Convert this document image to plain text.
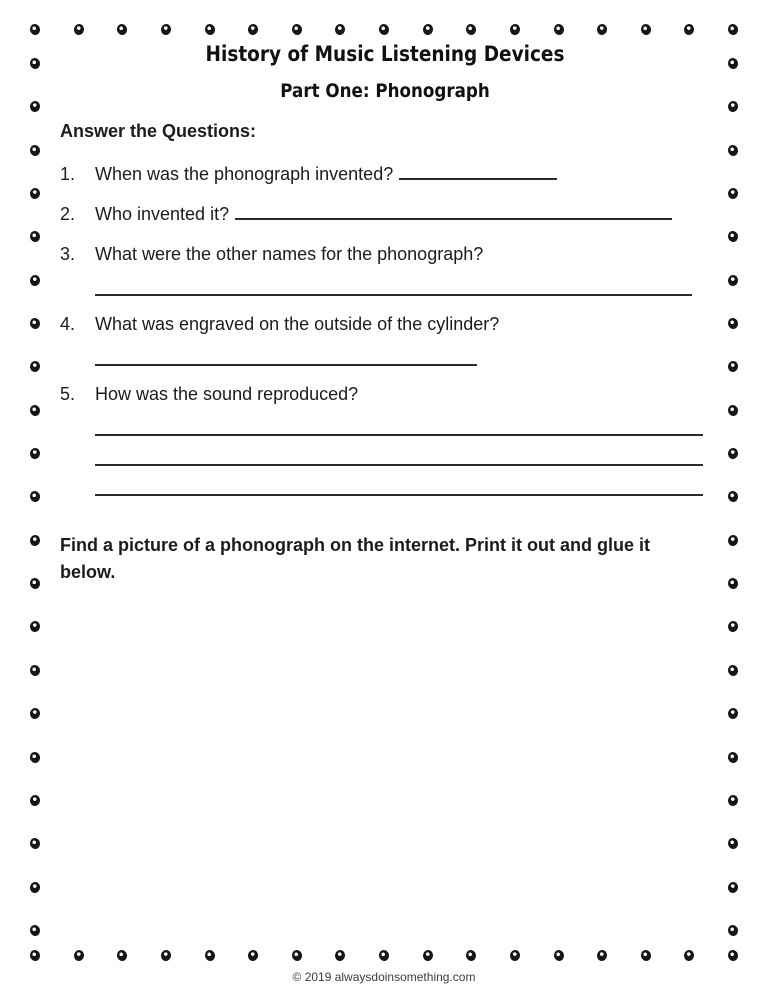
History of Music Listening Devices
Part One: Phonograph
Answer the Questions:
1.	When was the phonograph invented?
2.	Who invented it?
3.	What were the other names for the phonograph?
4.	What was engraved on the outside of the cylinder?
5.	How was the sound reproduced?

Find a picture of a phonograph on the internet. Print it out and glue it below.

© 2019 alwaysdoinsomething.com
